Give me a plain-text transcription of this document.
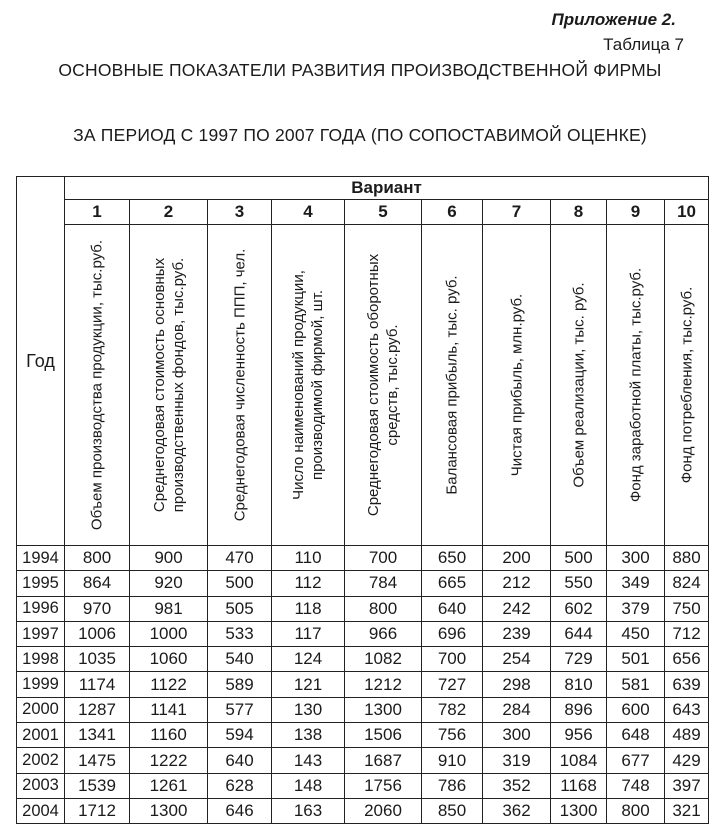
Приложение 2.
Таблица 7
ОСНОВНЫЕ ПОКАЗАТЕЛИ РАЗВИТИЯ ПРОИЗВОДСТВЕННОЙ ФИРМЫ
ЗА ПЕРИОД С 1997 ПО 2007 ГОДА (ПО СОПОСТАВИМОЙ ОЦЕНКЕ)
Год	Вариант									
	1	2	3	4	5	6	7	8	9	10

	Объем производства продукции, тыс.руб.	Среднегодовая стоимость основных производственных фондов, тыс.руб.	Среднегодовая численность ППП, чел.	Число наименований продукции, производимой фирмой, шт.	Среднегодовая стоимость оборотных средств, тыс.руб.	Балансовая прибыль, тыс. руб.	Чистая прибыль, млн.руб.	Объем реализации, тыс. руб.	Фонд заработной платы, тыс.руб.	Фонд потребления, тыс.руб.

1994	800	900	470	110	700	650	200	500	300	880
1995	864	920	500	112	784	665	212	550	349	824
1996	970	981	505	118	800	640	242	602	379	750
1997	1006	1000	533	117	966	696	239	644	450	712
1998	1035	1060	540	124	1082	700	254	729	501	656
1999	1174	1122	589	121	1212	727	298	810	581	639
2000	1287	1141	577	130	1300	782	284	896	600	643
2001	1341	1160	594	138	1506	756	300	956	648	489
2002	1475	1222	640	143	1687	910	319	1084	677	429
2003	1539	1261	628	148	1756	786	352	1168	748	397
2004	1712	1300	646	163	2060	850	362	1300	800	321
